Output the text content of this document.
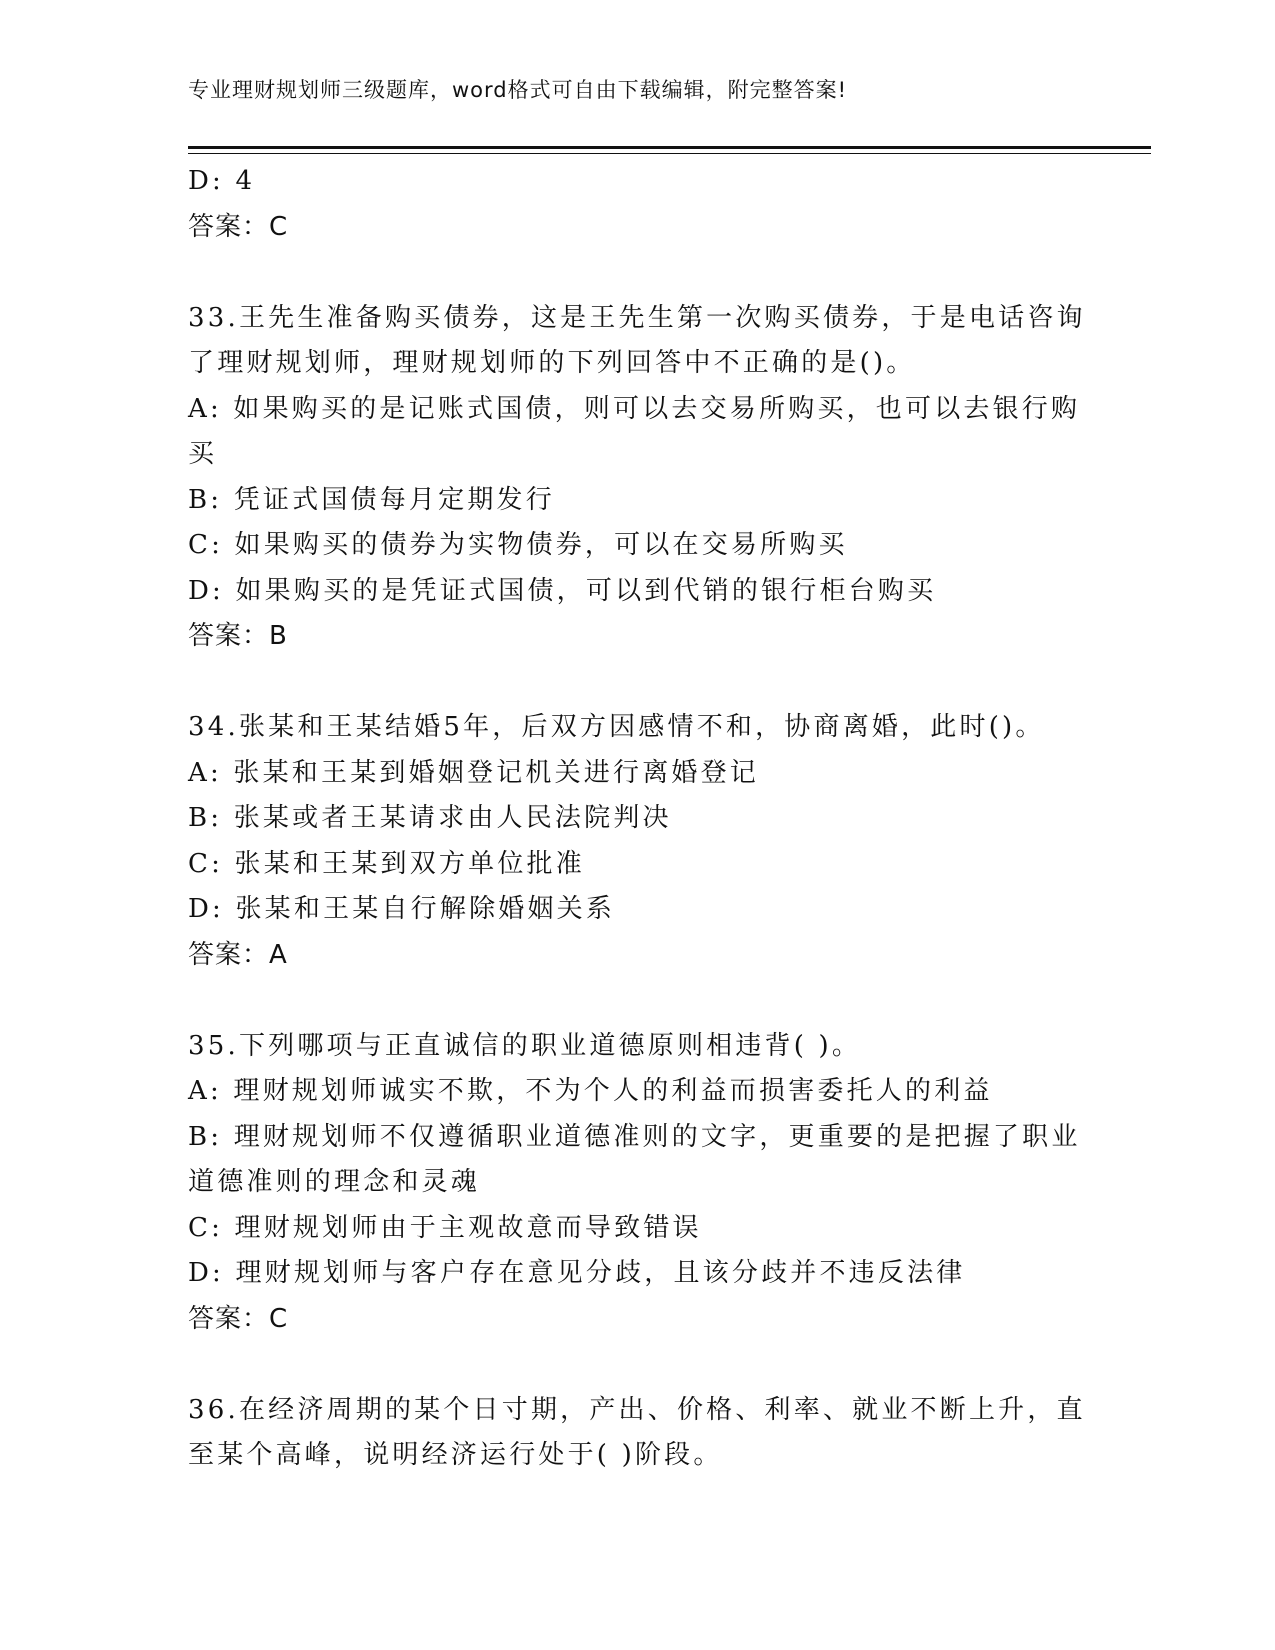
专业理财规划师三级题库，word格式可自由下载编辑，附完整答案!
D: 4
答案：C
33.王先生准备购买债券，这是王先生第一次购买债券，于是电话咨询
了理财规划师，理财规划师的下列回答中不正确的是()。
A: 如果购买的是记账式国债，则可以去交易所购买，也可以去银行购
买
B: 凭证式国债每月定期发行
C: 如果购买的债券为实物债券，可以在交易所购买
D: 如果购买的是凭证式国债，可以到代销的银行柜台购买
答案：B
34.张某和王某结婚5年，后双方因感情不和，协商离婚，此时()。
A: 张某和王某到婚姻登记机关进行离婚登记
B: 张某或者王某请求由人民法院判决
C: 张某和王某到双方单位批准
D: 张某和王某自行解除婚姻关系
答案：A
35.下列哪项与正直诚信的职业道德原则相违背( )。
A: 理财规划师诚实不欺，不为个人的利益而损害委托人的利益
B: 理财规划师不仅遵循职业道德准则的文字，更重要的是把握了职业
道德准则的理念和灵魂
C: 理财规划师由于主观故意而导致错误
D: 理财规划师与客户存在意见分歧，且该分歧并不违反法律
答案：C
36.在经济周期的某个日寸期，产出、价格、利率、就业不断上升，直
至某个高峰，说明经济运行处于( )阶段。
